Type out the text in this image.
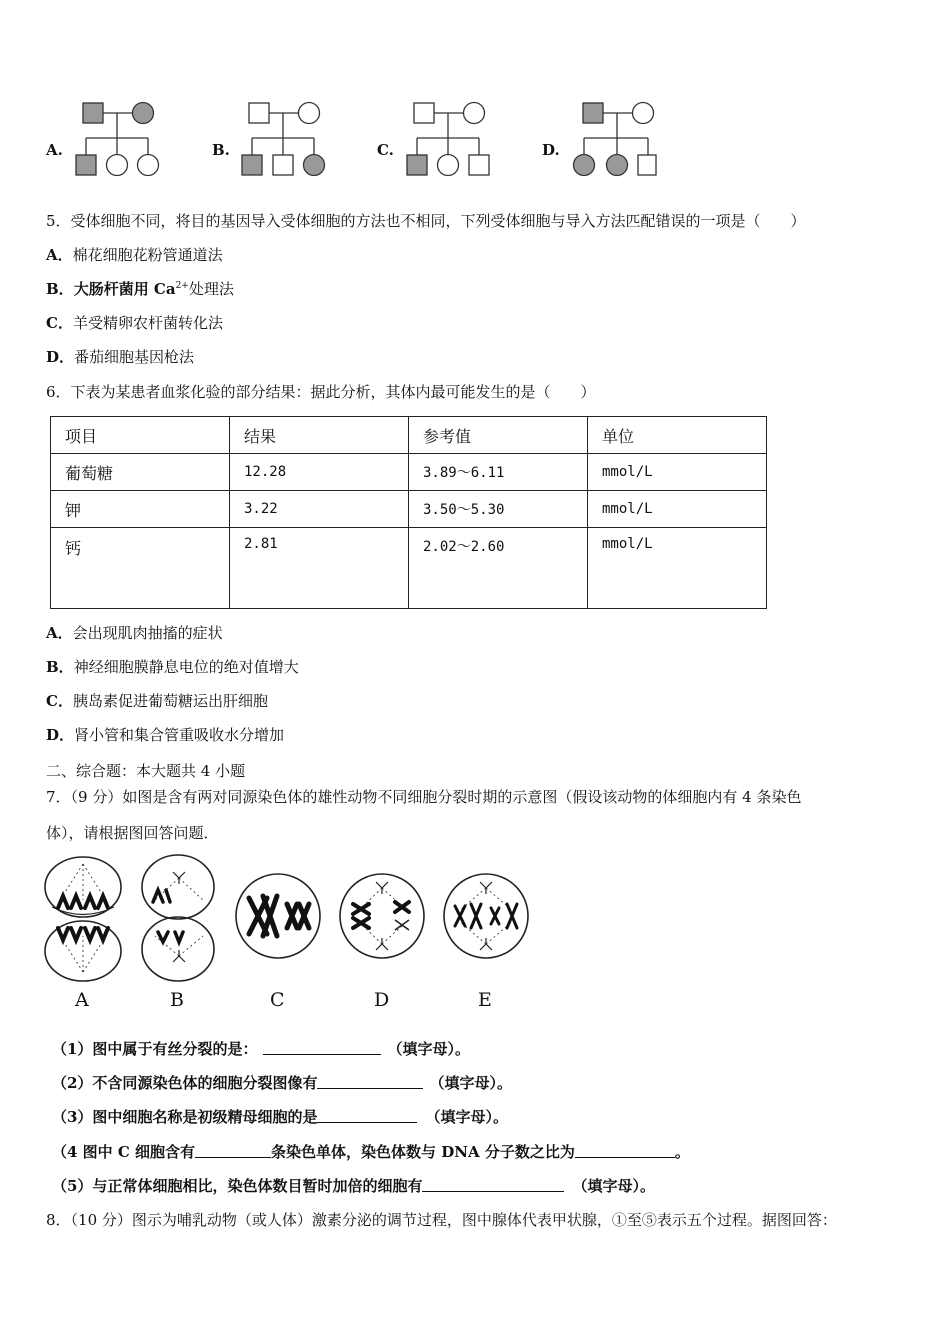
A.	B.	C.	D.
5．受体细胞不同，将目的基因导入受体细胞的方法也不相同，下列受体细胞与导入方法匹配错误的一项是（　　）
A．棉花细胞花粉管通道法
B．大肠杆菌用 $Ca^{2+}$处理法
C．羊受精卵农杆菌转化法
D．番茄细胞基因枪法
6．下表为某患者血浆化验的部分结果：据此分析，其体内最可能发生的是（　　）
项目	结果	参考值	单位
葡萄糖	12.28	3.89～6.11	mmol/L
钾	3.22	3.50～5.30	mmol/L
钙	2.81	2.02～2.60	mmol/L
A．会出现肌肉抽搐的症状
B．神经细胞膜静息电位的绝对值增大
C．胰岛素促进葡萄糖运出肝细胞
D．肾小管和集合管重吸收水分增加
二、综合题：本大题共 4 小题
7．（9 分）如图是含有两对同源染色体的雄性动物不同细胞分裂时期的示意图（假设该动物的体细胞内有 4 条染色
体），请根据图回答问题．
A	B	C	D	E
（1）图中属于有丝分裂的是：	（填字母）。
（2）不含同源染色体的细胞分裂图像有	（填字母）。
（3）图中细胞名称是初级精母细胞的是	（填字母）。
（4 图中 C 细胞含有	条染色单体，染色体数与 DNA 分子数之比为	。
（5）与正常体细胞相比，染色体数目暂时加倍的细胞有	（填字母）。
8．（10 分）图示为哺乳动物（或人体）激素分泌的调节过程，图中腺体代表甲状腺，①至⑤表示五个过程。据图回答：
